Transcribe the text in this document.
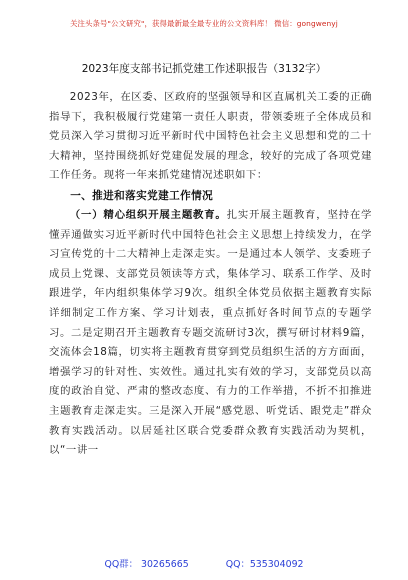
关注头条号"公文研究"，获得最新最全最专业的公文资料库！ 微信：gongwenyj
2023年度支部书记抓党建工作述职报告（3132字）

2023年，在区委、区政府的坚强领导和区直属机关工委的正确指导下，我积极履行党建第一责任人职责，带领委班子全体成员和党员深入学习贯彻习近平新时代中国特色社会主义思想和党的二十大精神，坚持围绕抓好党建促发展的理念，较好的完成了各项党建工作任务。现将一年来抓党建情况述职如下：

一、推进和落实党建工作情况

（一）精心组织开展主题教育。扎实开展主题教育，坚持在学懂弄通做实习近平新时代中国特色社会主义思想上持续发力，在学习宣传党的十二大精神上走深走实。一是通过本人领学、支委班子成员上党课、支部党员领读等方式，集体学习、联系工作学、及时跟进学，年内组织集体学习9次。组织全体党员依据主题教育实际详细制定工作方案、学习计划表，重点抓好各时间节点的专题学习。二是定期召开主题教育专题交流研讨3次，撰写研讨材料9篇，交流体会18篇，切实将主题教育贯穿到党员组织生活的方方面面，增强学习的针对性、实效性。通过扎实有效的学习，支部党员以高度的政治自觉、严肃的整改态度、有力的工作举措，不折不扣推进主题教育走深走实。三是深入开展“感党恩、听党话、跟党走”群众教育实践活动。以居延社区联合党委群众教育实践活动为契机，以“一讲一

QQ群： 30265665	QQ：535304092
